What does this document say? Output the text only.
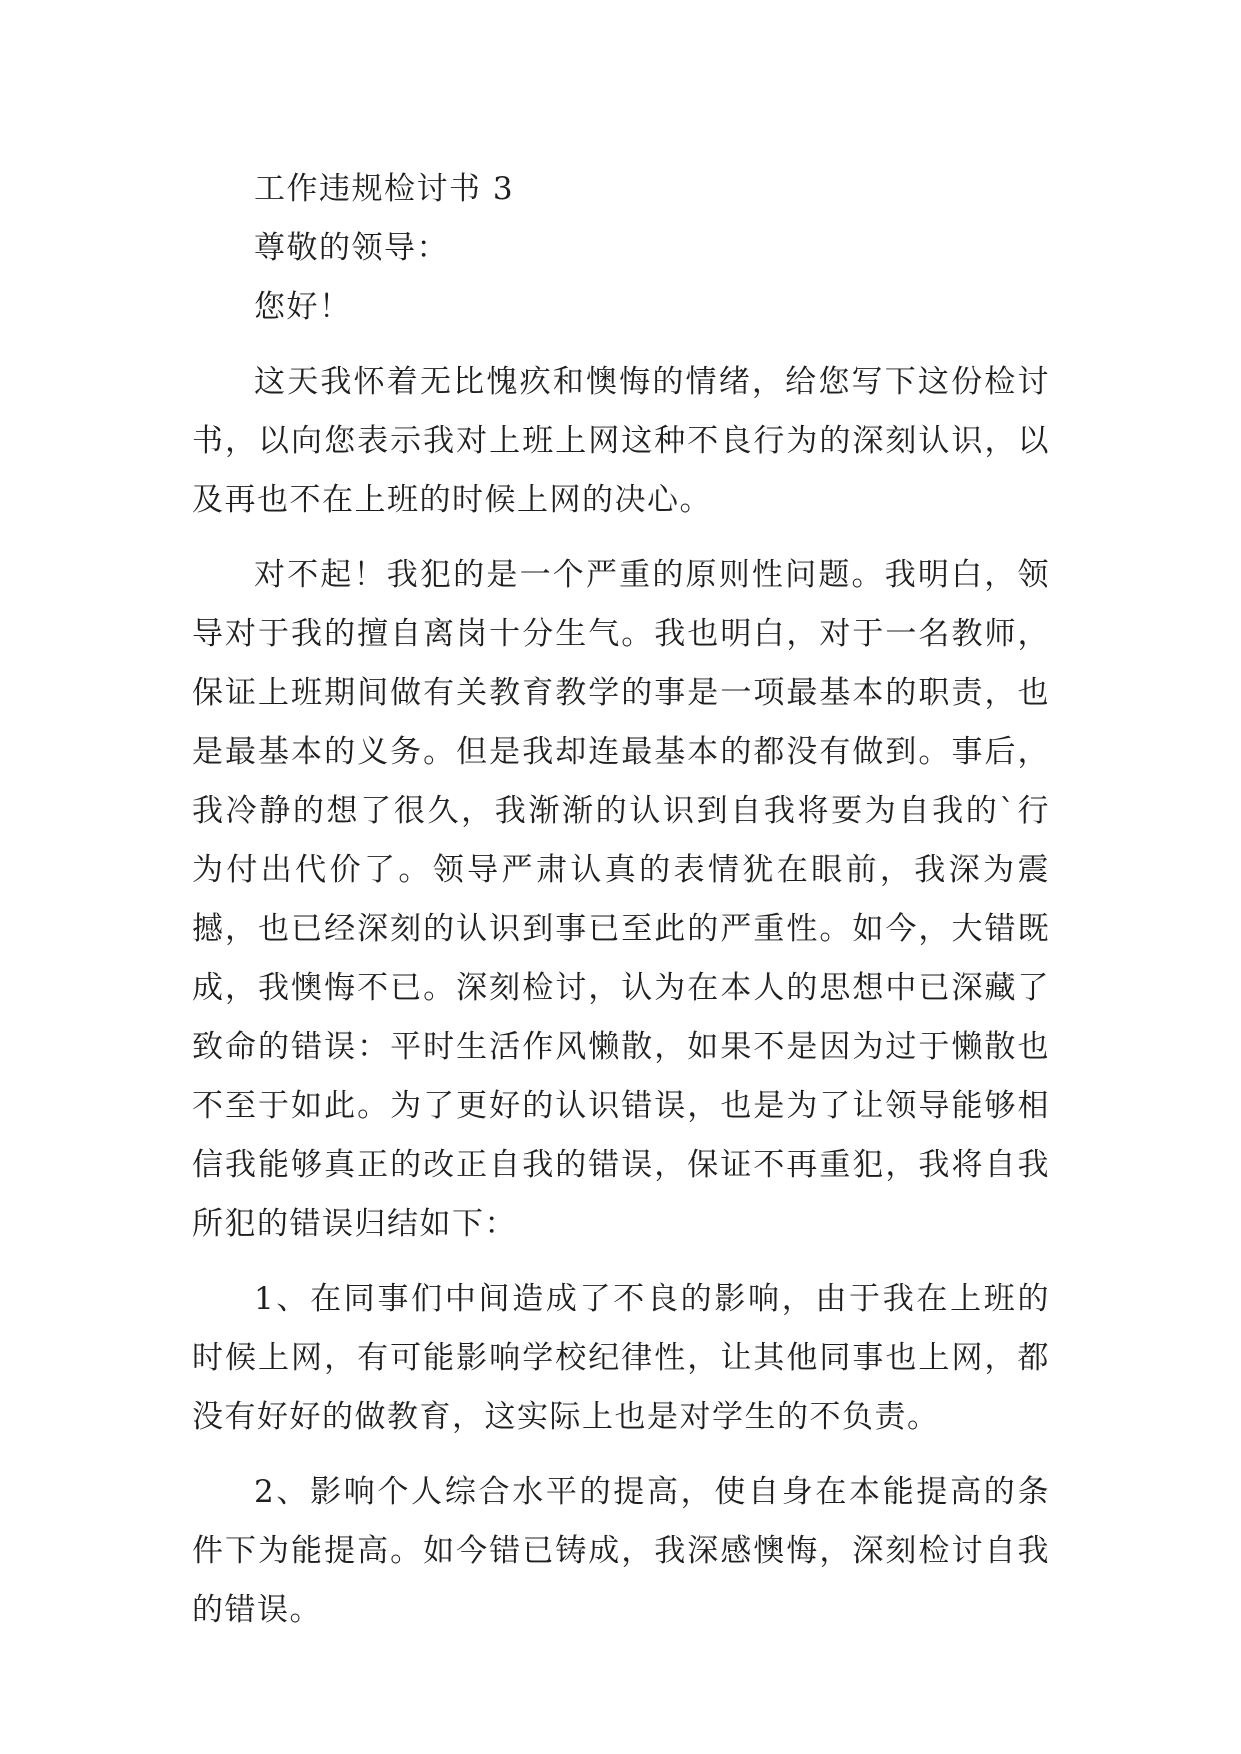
工作违规检讨书 3

尊敬的领导：

您好！

这天我怀着无比愧疚和懊悔的情绪，给您写下这份检讨书，以向您表示我对上班上网这种不良行为的深刻认识，以及再也不在上班的时候上网的决心。

对不起！我犯的是一个严重的原则性问题。我明白，领导对于我的擅自离岗十分生气。我也明白，对于一名教师，保证上班期间做有关教育教学的事是一项最基本的职责，也是最基本的义务。但是我却连最基本的都没有做到。事后，我冷静的想了很久，我渐渐的认识到自我将要为自我的`行为付出代价了。领导严肃认真的表情犹在眼前，我深为震撼，也已经深刻的认识到事已至此的严重性。如今，大错既成，我懊悔不已。深刻检讨，认为在本人的思想中已深藏了致命的错误：平时生活作风懒散，如果不是因为过于懒散也不至于如此。为了更好的认识错误，也是为了让领导能够相信我能够真正的改正自我的错误，保证不再重犯，我将自我所犯的错误归结如下：

1、在同事们中间造成了不良的影响，由于我在上班的时候上网，有可能影响学校纪律性，让其他同事也上网，都没有好好的做教育，这实际上也是对学生的不负责。

2、影响个人综合水平的提高，使自身在本能提高的条件下为能提高。如今错已铸成，我深感懊悔，深刻检讨自我的错误。
